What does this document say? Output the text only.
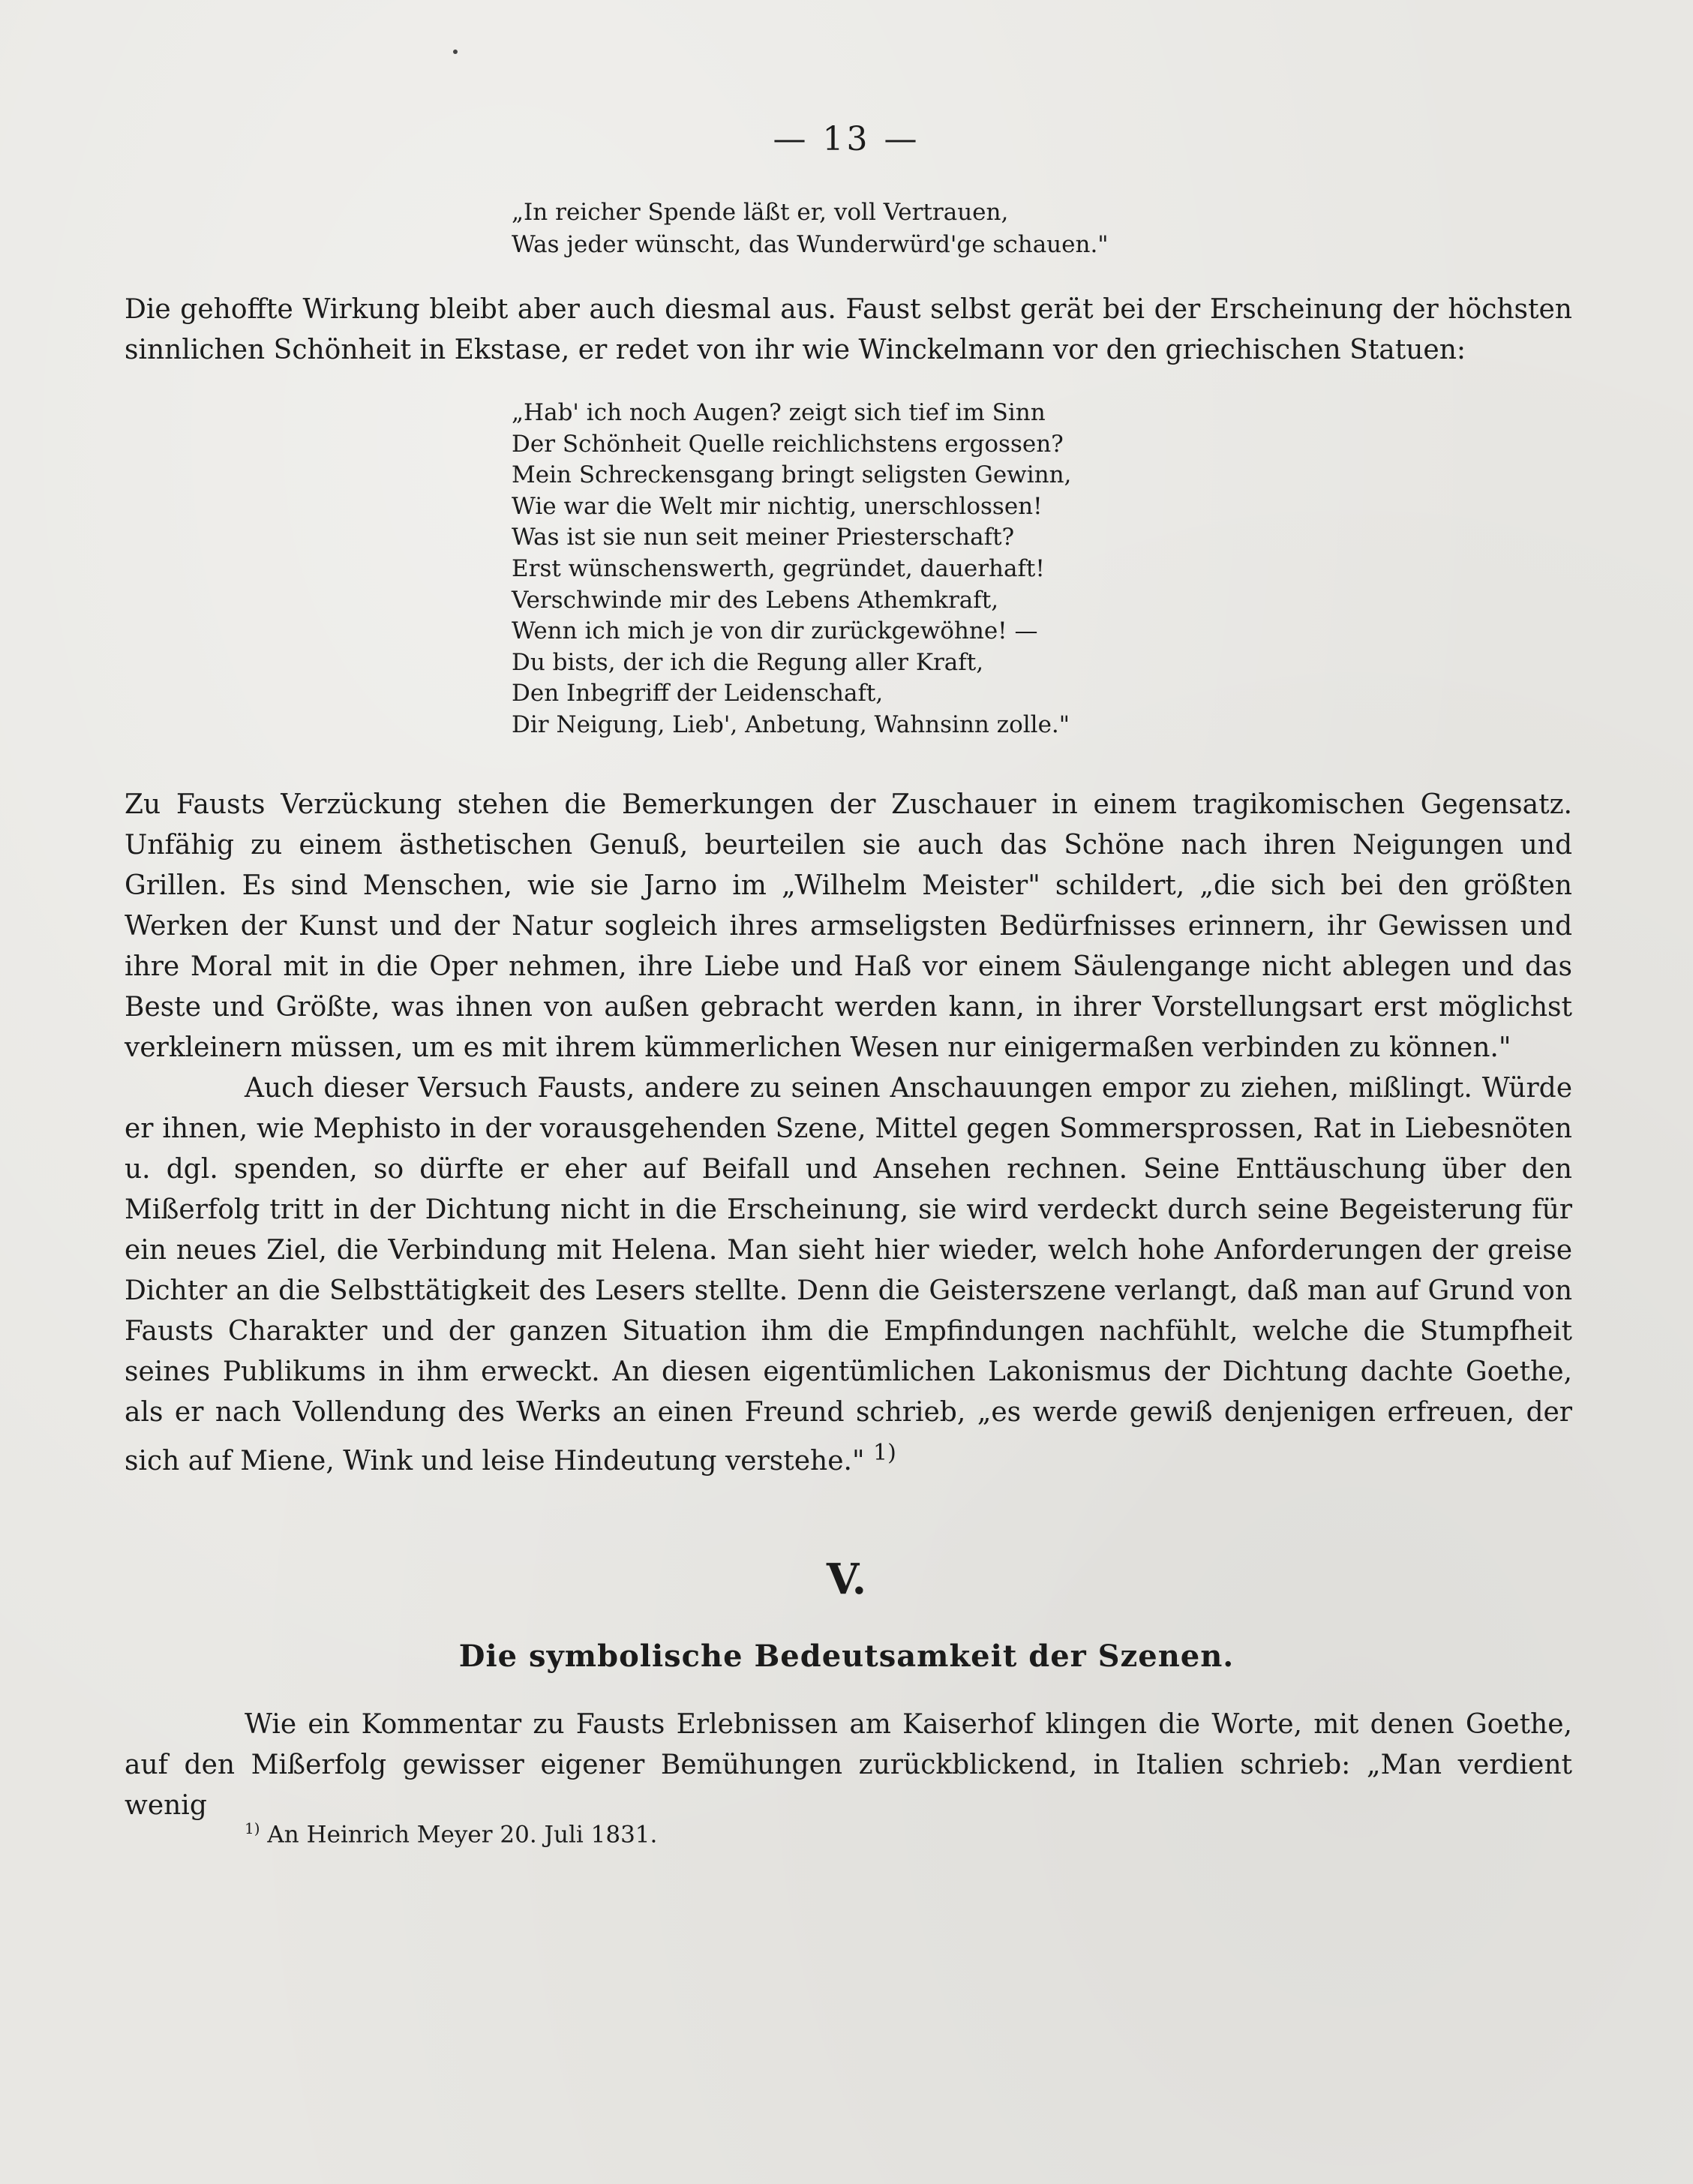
— 13 —
„In reicher Spende läßt er, voll Vertrauen,
Was jeder wünscht, das Wunderwürd'ge schauen."

Die gehoffte Wirkung bleibt aber auch diesmal aus. Faust selbst gerät bei der Erscheinung der höchsten sinnlichen Schönheit in Ekstase, er redet von ihr wie Winckelmann vor den griechischen Statuen:

„Hab' ich noch Augen? zeigt sich tief im Sinn
Der Schönheit Quelle reichlichstens ergossen?
Mein Schreckensgang bringt seligsten Gewinn,
Wie war die Welt mir nichtig, unerschlossen!
Was ist sie nun seit meiner Priesterschaft?
Erst wünschenswerth, gegründet, dauerhaft!
Verschwinde mir des Lebens Athemkraft,
Wenn ich mich je von dir zurückgewöhne! —
Du bists, der ich die Regung aller Kraft,
Den Inbegriff der Leidenschaft,
Dir Neigung, Lieb', Anbetung, Wahnsinn zolle."

Zu Fausts Verzückung stehen die Bemerkungen der Zuschauer in einem tragikomischen Gegensatz. Unfähig zu einem ästhetischen Genuß, beurteilen sie auch das Schöne nach ihren Neigungen und Grillen. Es sind Menschen, wie sie Jarno im „Wilhelm Meister" schildert, „die sich bei den größten Werken der Kunst und der Natur sogleich ihres armseligsten Bedürfnisses erinnern, ihr Gewissen und ihre Moral mit in die Oper nehmen, ihre Liebe und Haß vor einem Säulengange nicht ablegen und das Beste und Größte, was ihnen von außen gebracht werden kann, in ihrer Vorstellungsart erst möglichst verkleinern müssen, um es mit ihrem kümmerlichen Wesen nur einigermaßen verbinden zu können."

Auch dieser Versuch Fausts, andere zu seinen Anschauungen empor zu ziehen, mißlingt. Würde er ihnen, wie Mephisto in der vorausgehenden Szene, Mittel gegen Sommersprossen, Rat in Liebesnöten u. dgl. spenden, so dürfte er eher auf Beifall und Ansehen rechnen. Seine Enttäuschung über den Mißerfolg tritt in der Dichtung nicht in die Erscheinung, sie wird verdeckt durch seine Begeisterung für ein neues Ziel, die Verbindung mit Helena. Man sieht hier wieder, welch hohe Anforderungen der greise Dichter an die Selbsttätigkeit des Lesers stellte. Denn die Geisterszene verlangt, daß man auf Grund von Fausts Charakter und der ganzen Situation ihm die Empfindungen nachfühlt, welche die Stumpfheit seines Publikums in ihm erweckt. An diesen eigentümlichen Lakonismus der Dichtung dachte Goethe, als er nach Vollendung des Werks an einen Freund schrieb, „es werde gewiß denjenigen erfreuen, der sich auf Miene, Wink und leise Hindeutung verstehe." $^{1)}$

V.
Die symbolische Bedeutsamkeit der Szenen.

Wie ein Kommentar zu Fausts Erlebnissen am Kaiserhof klingen die Worte, mit denen Goethe, auf den Mißerfolg gewisser eigener Bemühungen zurückblickend, in Italien schrieb: „Man verdient wenig

$^{1)}$ An Heinrich Meyer 20. Juli 1831.
